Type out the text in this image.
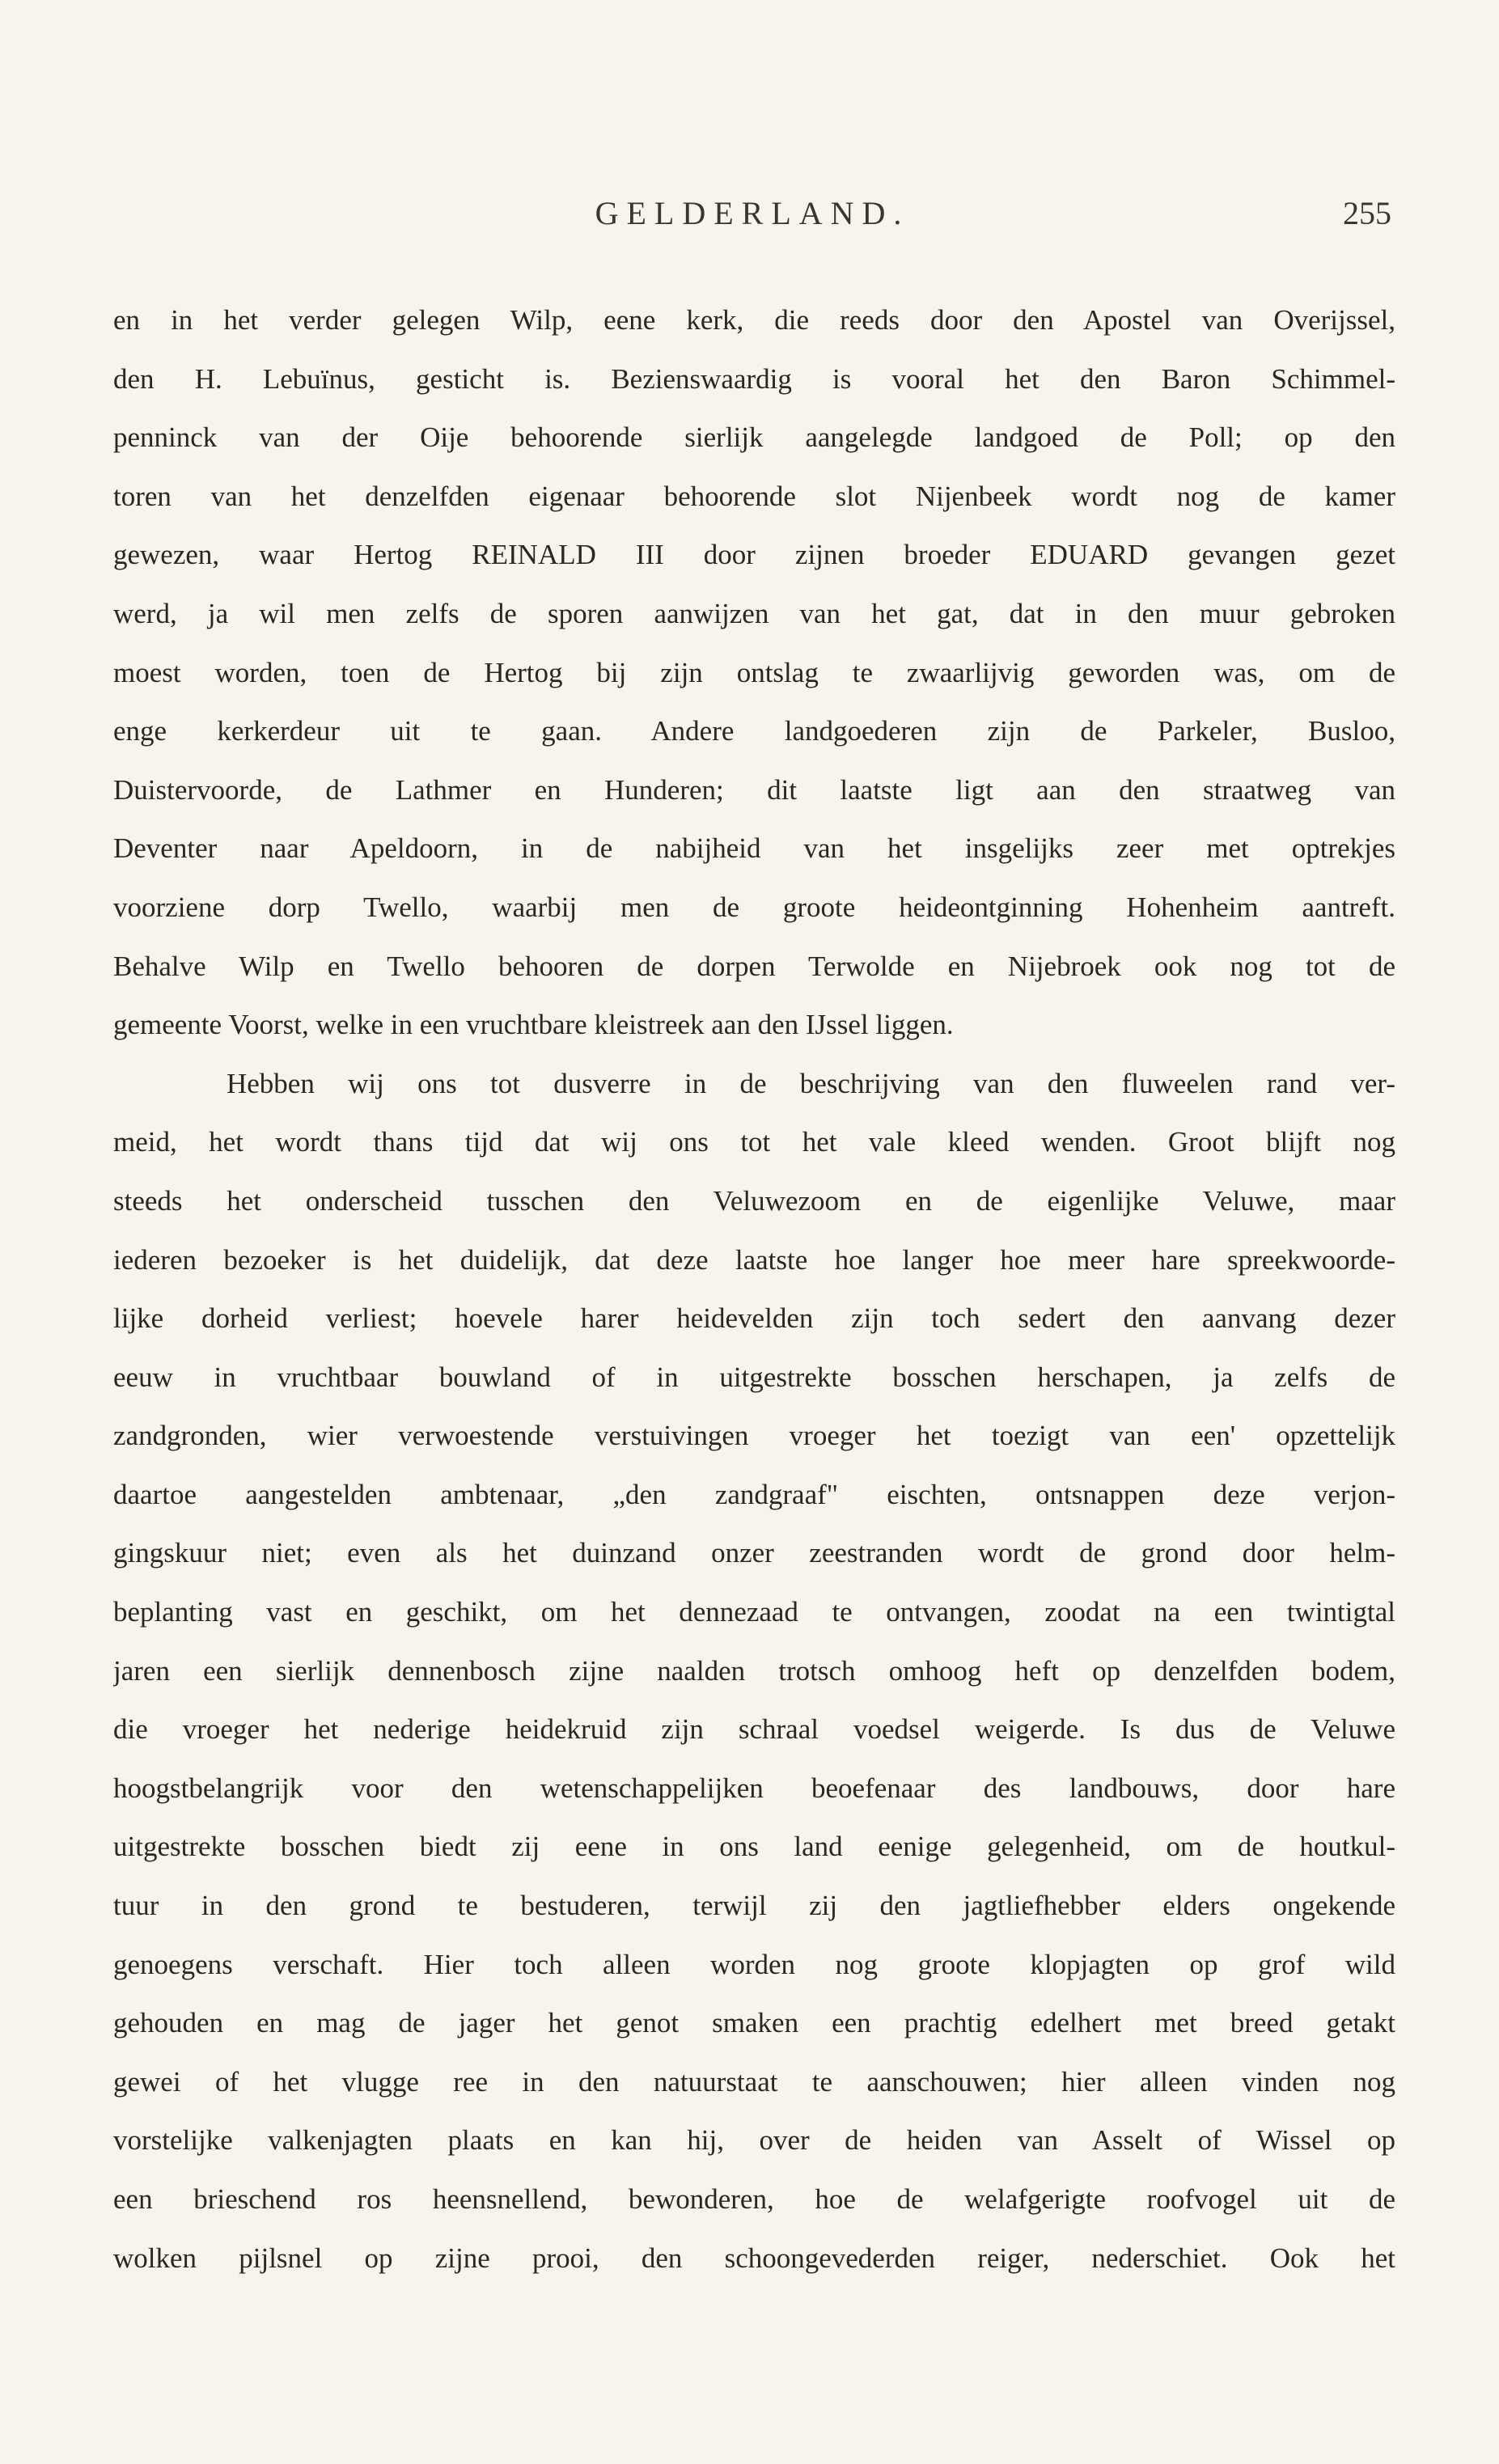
GELDERLAND.	255
en in het verder gelegen Wilp, eene kerk, die reeds door den Apostel van Overijssel,
den H. Lebuïnus, gesticht is. Bezienswaardig is vooral het den Baron Schimmel-
penninck van der Oije behoorende sierlijk aangelegde landgoed de Poll; op den
toren van het denzelfden eigenaar behoorende slot Nijenbeek wordt nog de kamer
gewezen, waar Hertog REINALD III door zijnen broeder EDUARD gevangen gezet
werd, ja wil men zelfs de sporen aanwijzen van het gat, dat in den muur gebroken
moest worden, toen de Hertog bij zijn ontslag te zwaarlijvig geworden was, om de
enge kerkerdeur uit te gaan. Andere landgoederen zijn de Parkeler, Busloo,
Duistervoorde, de Lathmer en Hunderen; dit laatste ligt aan den straatweg van
Deventer naar Apeldoorn, in de nabijheid van het insgelijks zeer met optrekjes
voorziene dorp Twello, waarbij men de groote heideontginning Hohenheim aantreft.
Behalve Wilp en Twello behooren de dorpen Terwolde en Nijebroek ook nog tot de
gemeente Voorst, welke in een vruchtbare kleistreek aan den IJssel liggen.
Hebben wij ons tot dusverre in de beschrijving van den fluweelen rand ver-
meid, het wordt thans tijd dat wij ons tot het vale kleed wenden. Groot blijft nog
steeds het onderscheid tusschen den Veluwezoom en de eigenlijke Veluwe, maar
iederen bezoeker is het duidelijk, dat deze laatste hoe langer hoe meer hare spreekwoorde-
lijke dorheid verliest; hoevele harer heidevelden zijn toch sedert den aanvang dezer
eeuw in vruchtbaar bouwland of in uitgestrekte bosschen herschapen, ja zelfs de
zandgronden, wier verwoestende verstuivingen vroeger het toezigt van een' opzettelijk
daartoe aangestelden ambtenaar, „den zandgraaf" eischten, ontsnappen deze verjon-
gingskuur niet; even als het duinzand onzer zeestranden wordt de grond door helm-
beplanting vast en geschikt, om het dennezaad te ontvangen, zoodat na een twintigtal
jaren een sierlijk dennenbosch zijne naalden trotsch omhoog heft op denzelfden bodem,
die vroeger het nederige heidekruid zijn schraal voedsel weigerde. Is dus de Veluwe
hoogstbelangrijk voor den wetenschappelijken beoefenaar des landbouws, door hare
uitgestrekte bosschen biedt zij eene in ons land eenige gelegenheid, om de houtkul-
tuur in den grond te bestuderen, terwijl zij den jagtliefhebber elders ongekende
genoegens verschaft. Hier toch alleen worden nog groote klopjagten op grof wild
gehouden en mag de jager het genot smaken een prachtig edelhert met breed getakt
gewei of het vlugge ree in den natuurstaat te aanschouwen; hier alleen vinden nog
vorstelijke valkenjagten plaats en kan hij, over de heiden van Asselt of Wissel op
een brieschend ros heensnellend, bewonderen, hoe de welafgerigte roofvogel uit de
wolken pijlsnel op zijne prooi, den schoongevederden reiger, nederschiet. Ook het
